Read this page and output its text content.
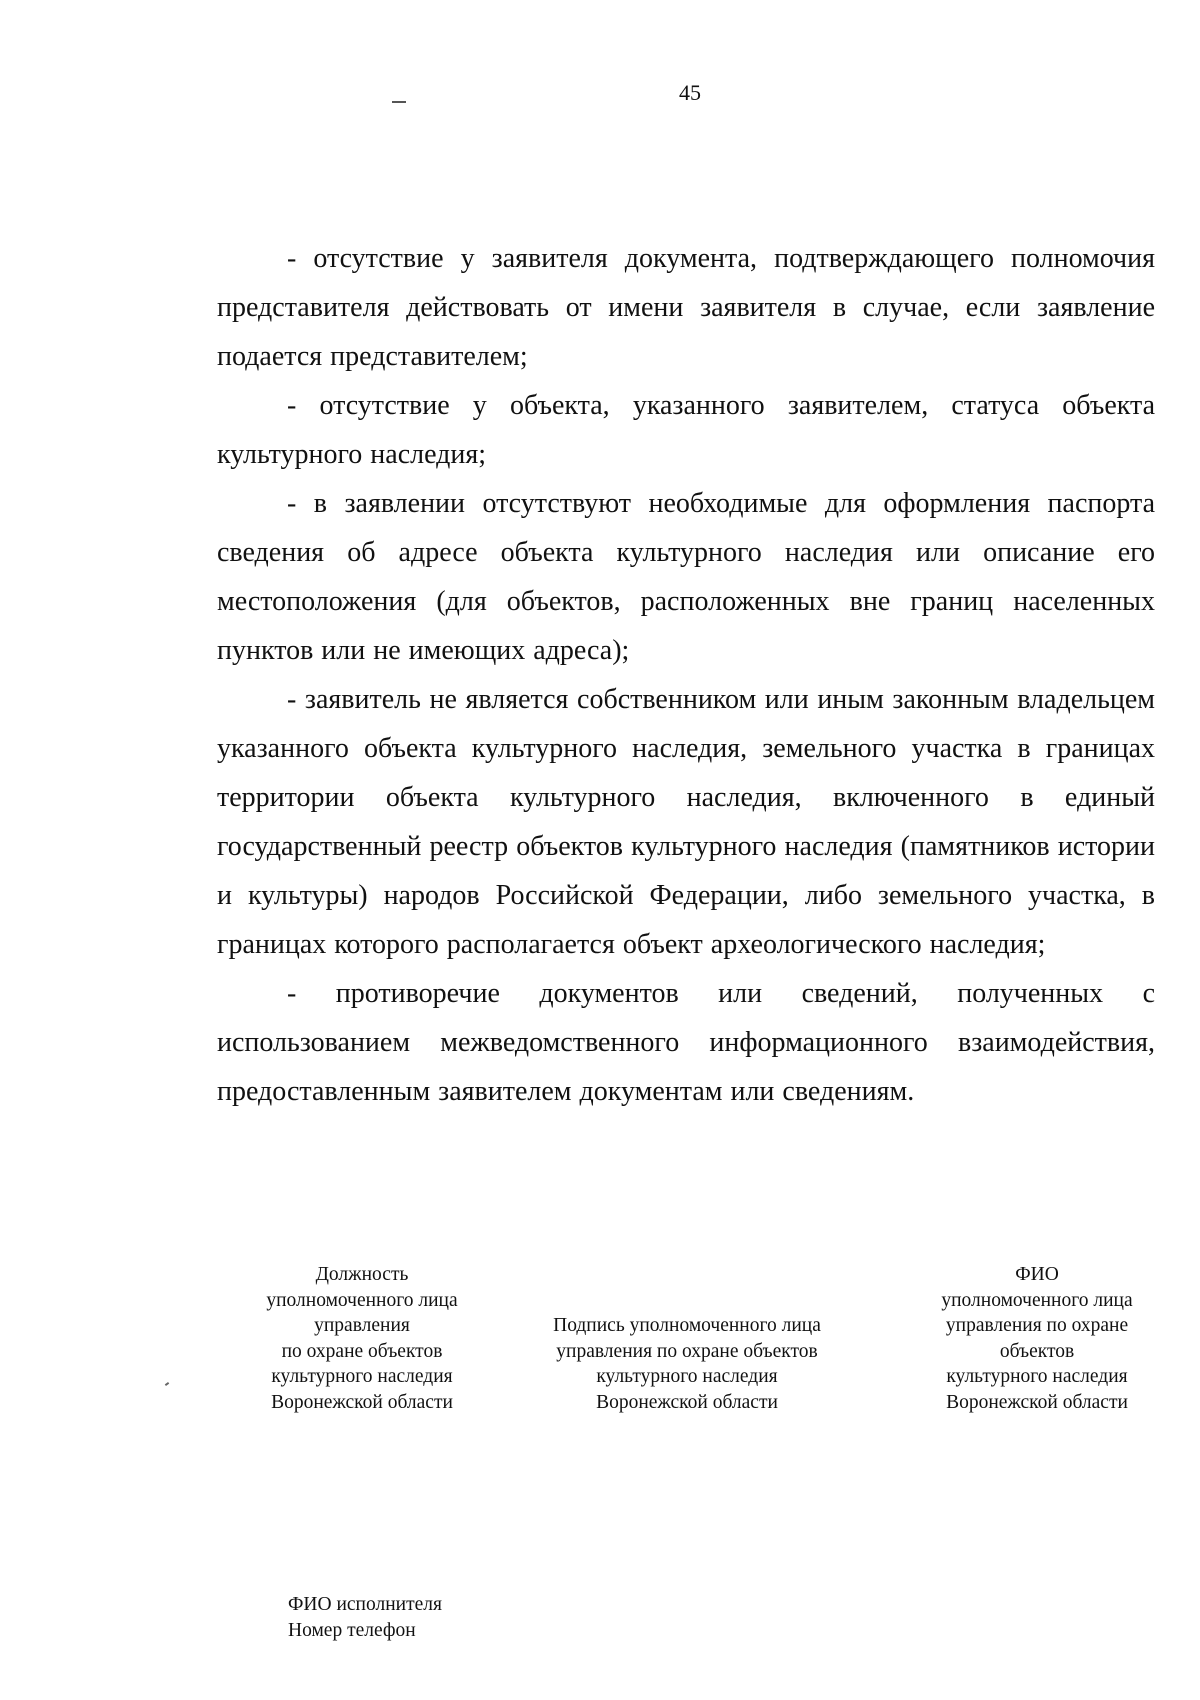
45

- отсутствие у заявителя документа, подтверждающего полномочия представителя действовать от имени заявителя в случае, если заявление подается представителем;

- отсутствие у объекта, указанного заявителем, статуса объекта культурного наследия;

- в заявлении отсутствуют необходимые для оформления паспорта сведения об адресе объекта культурного наследия или описание его местоположения (для объектов, расположенных вне границ населенных пунктов или не имеющих адреса);

- заявитель не является собственником или иным законным владельцем указанного объекта культурного наследия, земельного участка в границах территории объекта культурного наследия, включенного в единый государственный реестр объектов культурного наследия (памятников истории и культуры) народов Российской Федерации, либо земельного участка, в границах которого располагается объект археологического наследия;

- противоречие документов или сведений, полученных с использованием межведомственного информационного взаимодействия, предоставленным заявителем документам или сведениям.

Должность
уполномоченного лица
управления
по охране объектов
культурного наследия
Воронежской области
Подпись уполномоченного лица
управления по охране объектов
культурного наследия
Воронежской области
ФИО
уполномоченного лица
управления по охране
объектов
культурного наследия
Воронежской области
ФИО исполнителя
Номер телефон
